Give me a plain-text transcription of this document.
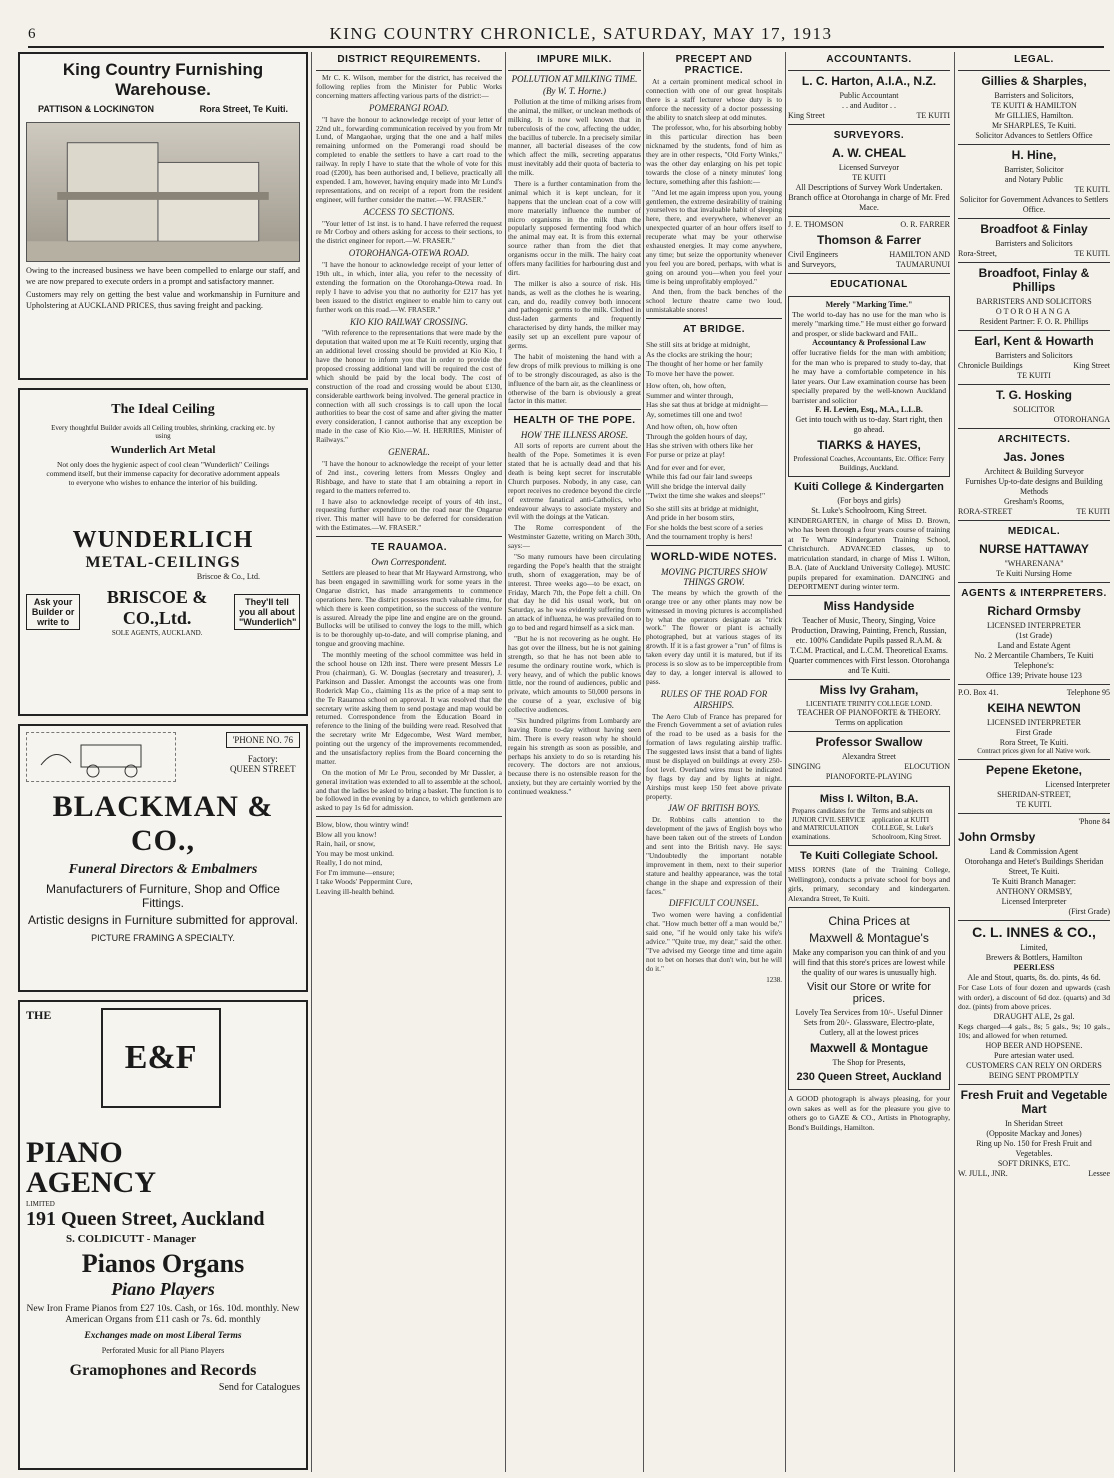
6	KING COUNTRY CHRONICLE, SATURDAY, MAY 17, 1913
King Country Furnishing Warehouse.
PATTISON & LOCKINGTON	Rora Street, Te Kuiti.

Owing to the increased business we have been compelled to enlarge our staff, and we are now prepared to execute orders in a prompt and satisfactory manner.

Customers may rely on getting the best value and workmanship in Furniture and Upholstering at AUCKLAND PRICES, thus saving freight and packing.

The Ideal Ceiling
Every thoughtful Builder avoids all Ceiling troubles, shrinking, cracking etc. by using
Wunderlich Art Metal
Not only does the hygienic aspect of cool clean "Wunderlich" Ceilings commend itself, but their immense capacity for decorative adornment appeals to everyone who wishes to enhance the interior of his building.
WUNDERLICH
METAL-CEILINGS
Briscoe & Co., Ltd.
Ask your Builder or write to
BRISCOE & CO.,Ltd.
SOLE AGENTS, AUCKLAND.
They'll tell you all about "Wunderlich"
'PHONE NO. 76
Factory:
QUEEN STREET
BLACKMAN & CO.,
Funeral Directors & Embalmers
Manufacturers of Furniture, Shop and Office Fittings.
Artistic designs in Furniture submitted for approval.
PICTURE FRAMING A SPECIALTY.
THE
E&F
PIANO
AGENCY
LIMITED
191 Queen Street, Auckland
S. COLDICUTT - Manager
Pianos Organs
Piano Players
New Iron Frame Pianos from £27 10s. Cash, or 16s. 10d. monthly. New American Organs from £11 cash or 7s. 6d. monthly
Exchanges made on most Liberal Terms
Perforated Music for all Piano Players
Gramophones and Records
Send for Catalogues
DISTRICT REQUIREMENTS.

Mr C. K. Wilson, member for the district, has received the following replies from the Minister for Public Works concerning matters affecting various parts of the district:—

POMERANGI ROAD.

"I have the honour to acknowledge receipt of your letter of 22nd ult., forwarding communication received by you from Mr Lund, of Mangaohae, urging that the one and a half miles remaining unformed on the Pomerangi road should be completed to enable the settlers to have a cart road to the railway. In reply I have to state that the whole of vote for this road (£200), has been authorised and, I believe, practically all expended. I am, however, having enquiry made into Mr Lund's representations, and on receipt of a report from the resident engineer, will further consider the matter.—W. FRASER."

ACCESS TO SECTIONS.

"Your letter of 1st inst. is to hand. I have referred the request re Mr Corboy and others asking for access to their sections, to the district engineer for report.—W. FRASER."

OTOROHANGA-OTEWA ROAD.

"I have the honour to acknowledge receipt of your letter of 19th ult., in which, inter alia, you refer to the necessity of extending the formation on the Otorohanga-Otewa road. In reply I have to advise you that no authority for £217 has yet been issued to the district engineer to enable him to carry out further work on this road.—W. FRASER."

KIO KIO RAILWAY CROSSING.

"With reference to the representations that were made by the deputation that waited upon me at Te Kuiti recently, urging that an additional level crossing should be provided at Kio Kio, I have the honour to inform you that in order to provide the proposed crossing additional land will be required the cost of which should be paid by the local body. The cost of construction of the road and crossing would be about £130, considerable earthwork being involved. The general practice in connection with all such crossings is to call upon the local authorities to bear the cost of same and after giving the matter every consideration, I cannot authorise that any exception be made in the case of Kio Kio.—W. H. HERRIES, Minister of Railways."

GENERAL.

"I have the honour to acknowledge the receipt of your letter of 2nd inst., covering letters from Messrs Ongley and Rishbage, and have to state that I am obtaining a report in regard to the matters referred to.

I have also to acknowledge receipt of yours of 4th inst., requesting further expenditure on the road near the Ongarue river. This matter will have to be deferred for consideration with the Estimates.—W. FRASER."

TE RAUAMOA.
Own Correspondent.

Settlers are pleased to hear that Mr Hayward Armstrong, who has been engaged in sawmilling work for some years in the Ongarue district, has made arrangements to commence operations here. The district possesses much valuable rimu, for which there is keen competition, so the success of the venture is assured. Already the pipe line and engine are on the ground. Bullocks will be utilised to convey the logs to the mill, which is to be thoroughly up-to-date, and will comprise planing, and tongue and grooving machine.

The monthly meeting of the school committee was held in the school house on 12th inst. There were present Messrs Le Prou (chairman), G. W. Douglas (secretary and treasurer), J. Parkinson and Dassler. Amongst the accounts was one from Roderick Map Co., claiming 11s as the price of a map sent to the Te Rauamoa school on approval. It was resolved that the secretary write asking them to send postage and map would be returned. Correspondence from the Education Board in reference to the lining of the building were read. Resolved that the secretary write Mr Edgecombe, West Ward member, pointing out the urgency of the improvements recommended, and the unsatisfactory replies from the Board concerning the matter.

On the motion of Mr Le Prou, seconded by Mr Dassler, a general invitation was extended to all to assemble at the school, and that the ladies be asked to bring a basket. The function is to be followed in the evening by a dance, to which gentlemen are asked to pay 1s 6d for admission.

Blow, blow, thou wintry wind!
Blow all you know!
Rain, hail, or snow,
You may be most unkind.
Really, I do not mind,
For I'm immune—ensure;
I take Woods' Peppermint Cure,
Leaving ill-health behind.
IMPURE MILK.
POLLUTION AT MILKING TIME.
(By W. T. Horne.)

Pollution at the time of milking arises from the animal, the milker, or unclean methods of milking. It is now well known that in tuberculosis of the cow, affecting the udder, the bacillus of tubercle. In a precisely similar manner, all bacterial diseases of the cow which affect the milk, secreting apparatus must inevitably add their quota of bacteria to the milk.

There is a further contamination from the animal which it is kept unclean, for it happens that the unclean coat of a cow will more materially influence the number of micro organisms in the milk than the popularly supposed fermenting food which the animal may eat. It is from this external source rather than from the diet that organisms occur in the milk. The hairy coat offers many facilities for harbouring dust and dirt.

The milker is also a source of risk. His hands, as well as the clothes he is wearing, can, and do, readily convey both innocent and pathogenic germs to the milk. Clothed in dust-laden garments and frequently characterised by dirty hands, the milker may easily set up an excellent pure vapour of germs.

The habit of moistening the hand with a few drops of milk previous to milking is one of to be strongly discouraged, as also is the influence of the barn air, as the cleanliness or otherwise of the barn is obviously a great factor in this matter.

HEALTH OF THE POPE.
HOW THE ILLNESS AROSE.

All sorts of reports are current about the health of the Pope. Sometimes it is even stated that he is actually dead and that his death is being kept secret for inscrutable Church purposes. Nobody, in any case, can report receives no credence beyond the circle of extreme fanatical anti-Catholics, who endeavour always to associate mystery and evil with the doings at the Vatican.

The Rome correspondent of the Westminster Gazette, writing on March 30th, says:—

"So many rumours have been circulating regarding the Pope's health that the straight truth, shorn of exaggeration, may be of interest. Three weeks ago—to be exact, on Friday, March 7th, the Pope felt a chill. On that day he did his usual work, but on Saturday, as he was evidently suffering from an attack of influenza, he was prevailed on to go to bed and regard himself as a sick man.

"But he is not recovering as he ought. He has got over the illness, but he is not gaining strength, so that he has not been able to resume the ordinary routine work, which is very heavy, and of which the public knows little, nor the round of audiences, public and private, which amounts to 50,000 persons in the course of a year, exclusive of big collective audiences.

"Six hundred pilgrims from Lombardy are leaving Rome to-day without having seen him. There is every reason why he should regain his strength as soon as possible, and perhaps his anxiety to do so is retarding his recovery. The doctors are not anxious, because there is no ostensible reason for the anxiety, but they are certainly worried by the continued weakness."

PRECEPT AND PRACTICE.

At a certain prominent medical school in connection with one of our great hospitals there is a staff lecturer whose duty is to enforce the necessity of a doctor possessing the ability to snatch sleep at odd minutes.

The professor, who, for his absorbing hobby in this particular direction has been nicknamed by the students, fond of him as they are in other respects, "Old Forty Winks," was the other day enlarging on his pet topic towards the close of a ninety minutes' long lecture, something after this fashion:—

"And let me again impress upon you, young gentlemen, the extreme desirability of training yourselves to that invaluable habit of sleeping here, there, and everywhere, whenever an unexpected quarter of an hour offers itself to recuperate what may be your otherwise exhausted energies. It may come anywhere, any time; but seize the opportunity whenever you feel you are bored, perhaps, with what is going on around you—when you feel your time is being unprofitably employed."

And then, from the back benches of the school lecture theatre came two loud, unmistakable snores!

AT BRIDGE.
She still sits at bridge at midnight,
As the clocks are striking the hour;
The thought of her home or her family
To move her have the power.
How often, oh, how often,
Summer and winter through,
Has she sat thus at bridge at midnight—
Ay, sometimes till one and two!
And how often, oh, how often
Through the golden hours of day,
Has she striven with others like her
For purse or prize at play!
And for ever and for ever,
While this fad our fair land sweeps
Will she bridge the interval daily
"Twixt the time she wakes and sleeps!"
So she still sits at bridge at midnight,
And pride in her bosom stirs,
For she holds the best score of a series
And the tournament trophy is hers!
WORLD-WIDE NOTES.
MOVING PICTURES SHOW THINGS GROW.

The means by which the growth of the orange tree or any other plants may now be witnessed in moving pictures is accomplished by what the operators designate as "trick work." The flower or plant is actually photographed, but at various stages of its growth. If it is a fast grower a "run" of films is taken every day until it is matured, but if its process is so slow as to be imperceptible from day to day, a longer interval is allowed to pass.

RULES OF THE ROAD FOR AIRSHIPS.

The Aero Club of France has prepared for the French Government a set of aviation rules of the road to be used as a basis for the formation of laws regulating airship traffic. The suggested laws insist that a band of lights must be displayed on buildings at every 250-foot level. Overland wires must be indicated by flags by day and by lights at night. Airships must keep 150 feet above private property.

JAW OF BRITISH BOYS.

Dr. Robbins calls attention to the development of the jaws of English boys who have been taken out of the streets of London and sent into the British navy. He says: "Undoubtedly the important notable improvement in them, next to their superior stature and healthy appearance, was the total change in the shape and expression of their faces."

DIFFICULT COUNSEL.

Two women were having a confidential chat. "How much better off a man would be," said one, "if he would only take his wife's advice." "Quite true, my dear," said the other. "I've advised my George time and time again not to bet on horses that don't win, but he will do it."

1238.
ACCOUNTANTS.
L. C. Harton, A.I.A., N.Z.
Public Accountant
. . and Auditor . .
King Street	TE KUITI
SURVEYORS.
A. W. CHEAL
Licensed Surveyor
TE KUITI
All Descriptions of Survey Work Undertaken.
Branch office at Otorohanga in charge of Mr. Fred Mace.
J. E. THOMSON	O. R. FARRER
Thomson & Farrer
Civil Engineers	HAMILTON AND
and Surveyors,	TAUMARUNUI
EDUCATIONAL
Merely "Marking Time."
The world to-day has no use for the man who is merely "marking time." He must either go forward and prosper, or slide backward and FAIL.
Accountancy & Professional Law
offer lucrative fields for the man with ambition; for the man who is prepared to study to-day, that he may have a comfortable competence in his later years. Our Law examination course has been specially prepared by the well-known Auckland barrister and solicitor
F. H. Levien, Esq., M.A., L.L.B.
Get into touch with us to-day. Start right, then go ahead.
TIARKS & HAYES,
Professional Coaches, Accountants, Etc. Office: Ferry Buildings, Auckland.
Kuiti College & Kindergarten
(For boys and girls)
St. Luke's Schoolroom, King Street.
KINDERGARTEN, in charge of Miss D. Brown, who has been through a four years course of training at Te Whare Kindergarten Training School, Christchurch. ADVANCED classes, up to matriculation standard, in charge of Miss I. Wilton, B.A. (late of Auckland University College). MUSIC pupils prepared for examination. DANCING and DEPORTMENT during winter term.
Miss Handyside
Teacher of Music, Theory, Singing, Voice Production, Drawing, Painting, French, Russian, etc. 100% Candidate Pupils passed R.A.M. & T.C.M. Practical, and L.C.M. Theoretical Exams. Quarter commences with First lesson. Otorohanga and Te Kuiti.
Miss Ivy Graham,
LICENTIATE TRINITY COLLEGE LOND.
TEACHER OF PIANOFORTE & THEORY.
Terms on application
Professor Swallow
Alexandra Street
SINGING	ELOCUTION
PIANOFORTE-PLAYING
Miss I. Wilton, B.A.
Prepares candidates for the JUNIOR CIVIL SERVICE and MATRICULATION examinations.
Terms and subjects on application at KUITI COLLEGE, St. Luke's Schoolroom, King Street.
Te Kuiti Collegiate School.
MISS IORNS (late of the Training College, Wellington), conducts a private school for boys and girls, primary, secondary and kindergarten. Alexandra Street, Te Kuiti.
China Prices at
Maxwell & Montague's
Make any comparison you can think of and you will find that this store's prices are lowest while the quality of our wares is unusually high.
Visit our Store or write for prices.
Lovely Tea Services from 10/-. Useful Dinner Sets from 20/-. Glassware, Electro-plate, Cutlery, all at the lowest prices
Maxwell & Montague
The Shop for Presents,
230 Queen Street, Auckland
A GOOD photograph is always pleasing, for your own sakes as well as for the pleasure you give to others go to GAZE & CO., Artists in Photography, Bond's Buildings, Hamilton.
LEGAL.
Gillies & Sharples,
Barristers and Solicitors,
TE KUITI & HAMILTON
Mr GILLIES, Hamilton.
Mr SHARPLES, Te Kuiti.
Solicitor Advances to Settlers Office
H. Hine,
Barrister, Solicitor
and Notary Public
TE KUITI.
Solicitor for Government Advances to Settlers Office.
Broadfoot & Finlay
Barristers and Solicitors
Rora-Street,	TE KUITI.
Broadfoot, Finlay & Phillips
BARRISTERS AND SOLICITORS
OTOROHANGA
Resident Partner: F. O. R. Phillips
Earl, Kent & Howarth
Barristers and Solicitors
Chronicle Buildings	King Street
TE KUITI
T. G. Hosking
SOLICITOR
OTOROHANGA
ARCHITECTS.
Jas. Jones
Architect & Building Surveyor
Furnishes Up-to-date designs and Building Methods
Gresham's Rooms,
RORA-STREET	TE KUITI
MEDICAL.
NURSE HATTAWAY
"WHARENANA"
Te Kuiti Nursing Home
AGENTS & INTERPRETERS.
Richard Ormsby
LICENSED INTERPRETER
(1st Grade)
Land and Estate Agent
No. 2 Mercantile Chambers, Te Kuiti
Telephone's:
Office 139; Private house 123
P.O. Box 41.	Telephone 95
KEIHA NEWTON
LICENSED INTERPRETER
First Grade
Rora Street, Te Kuiti.
Contract prices given for all Native work.
Pepene Eketone,
Licensed Interpreter
SHERIDAN-STREET,
TE KUITI.
'Phone 84
John Ormsby
Land & Commission Agent
Otorohanga and Hetet's Buildings Sheridan Street, Te Kuiti.
Te Kuiti Branch Manager:
ANTHONY ORMSBY,
Licensed Interpreter
(First Grade)
C. L. INNES & CO.,
Limited,
Brewers & Bottlers, Hamilton
PEERLESS
Ale and Stout, quarts, 8s. do. pints, 4s 6d.
For Case Lots of four dozen and upwards (cash with order), a discount of 6d doz. (quarts) and 3d doz. (pints) from above prices.
DRAUGHT ALE, 2s gal.
Kegs charged—4 gals., 8s; 5 gals., 9s; 10 gals., 10s; and allowed for when returned.
HOP BEER AND HOPSENE.
Pure artesian water used.
CUSTOMERS CAN RELY ON ORDERS BEING SENT PROMPTLY
Fresh Fruit and Vegetable Mart
In Sheridan Street
(Opposite Mackay and Jones)
Ring up No. 150 for Fresh Fruit and Vegetables.
SOFT DRINKS, ETC.
W. JULL, JNR.	Lessee
